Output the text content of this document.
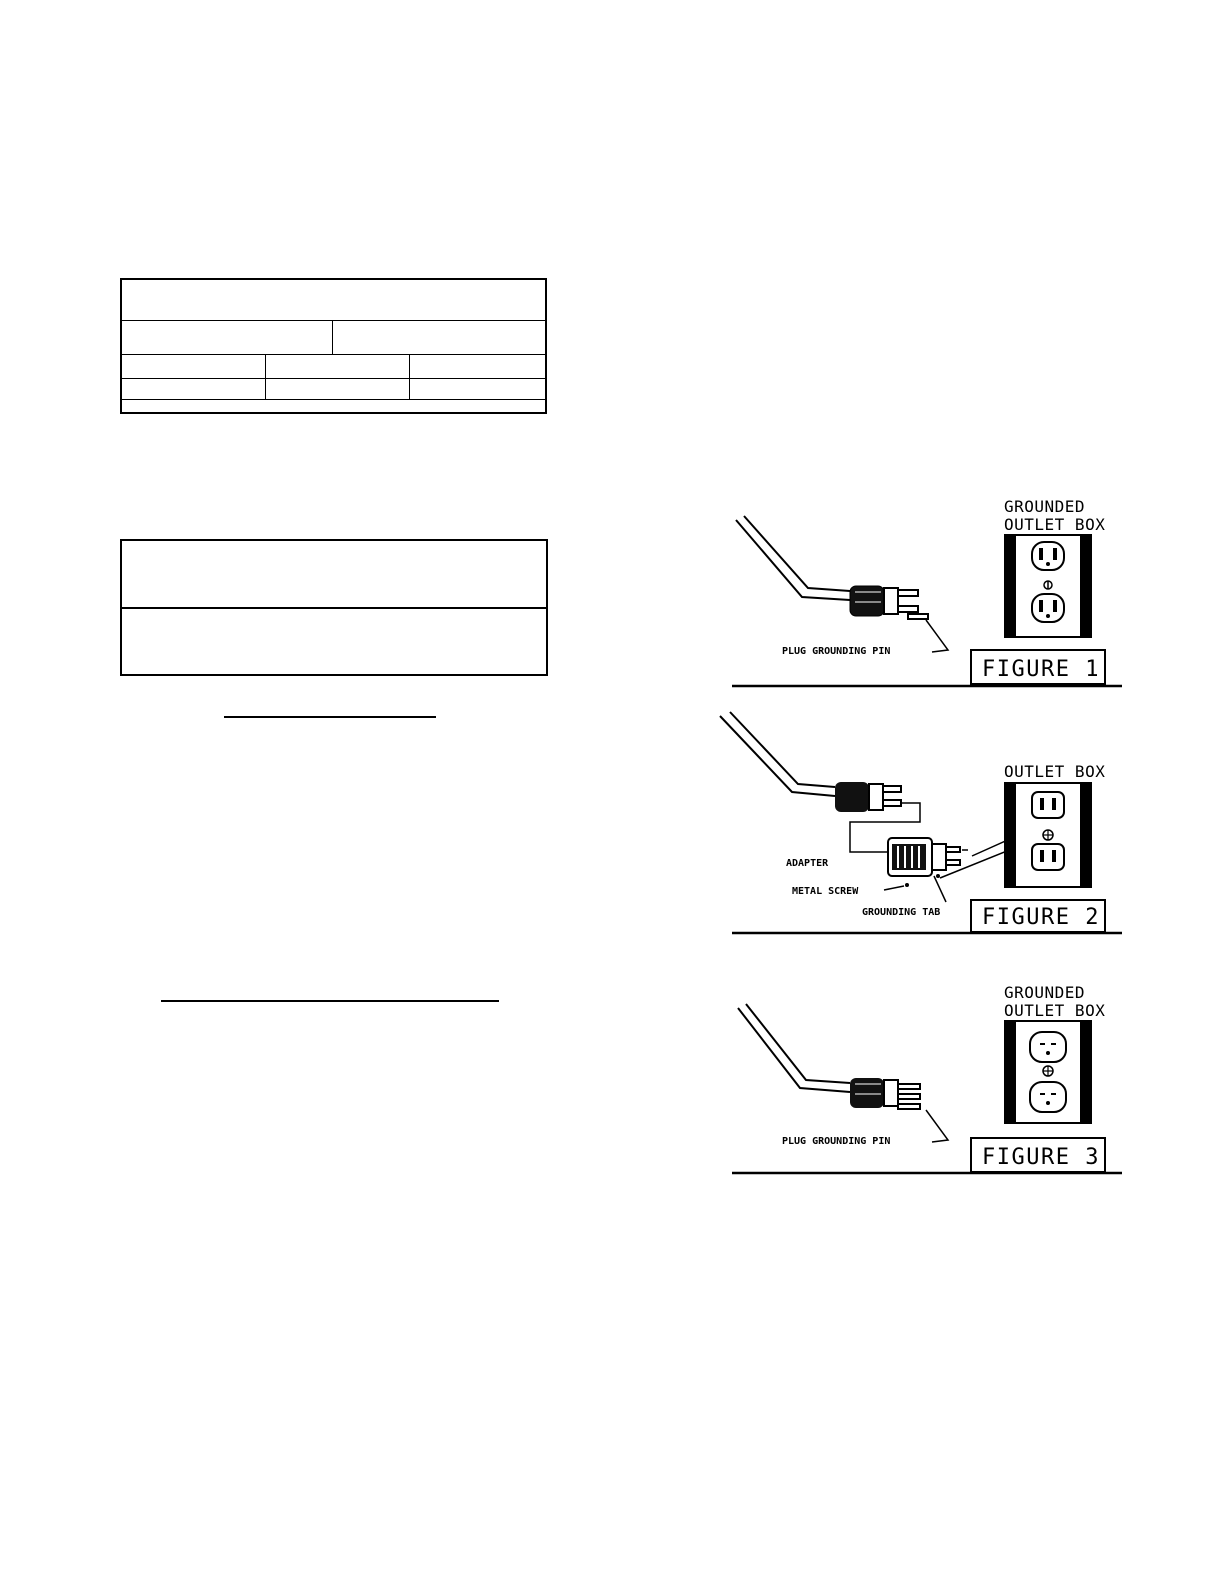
PLUG GROUNDING PIN
GROUNDED
OUTLET BOX
FIGURE 1
ADAPTER
METAL SCREW
GROUNDING TAB
OUTLET BOX
FIGURE 2
PLUG GROUNDING PIN
GROUNDED
OUTLET BOX
FIGURE 3
